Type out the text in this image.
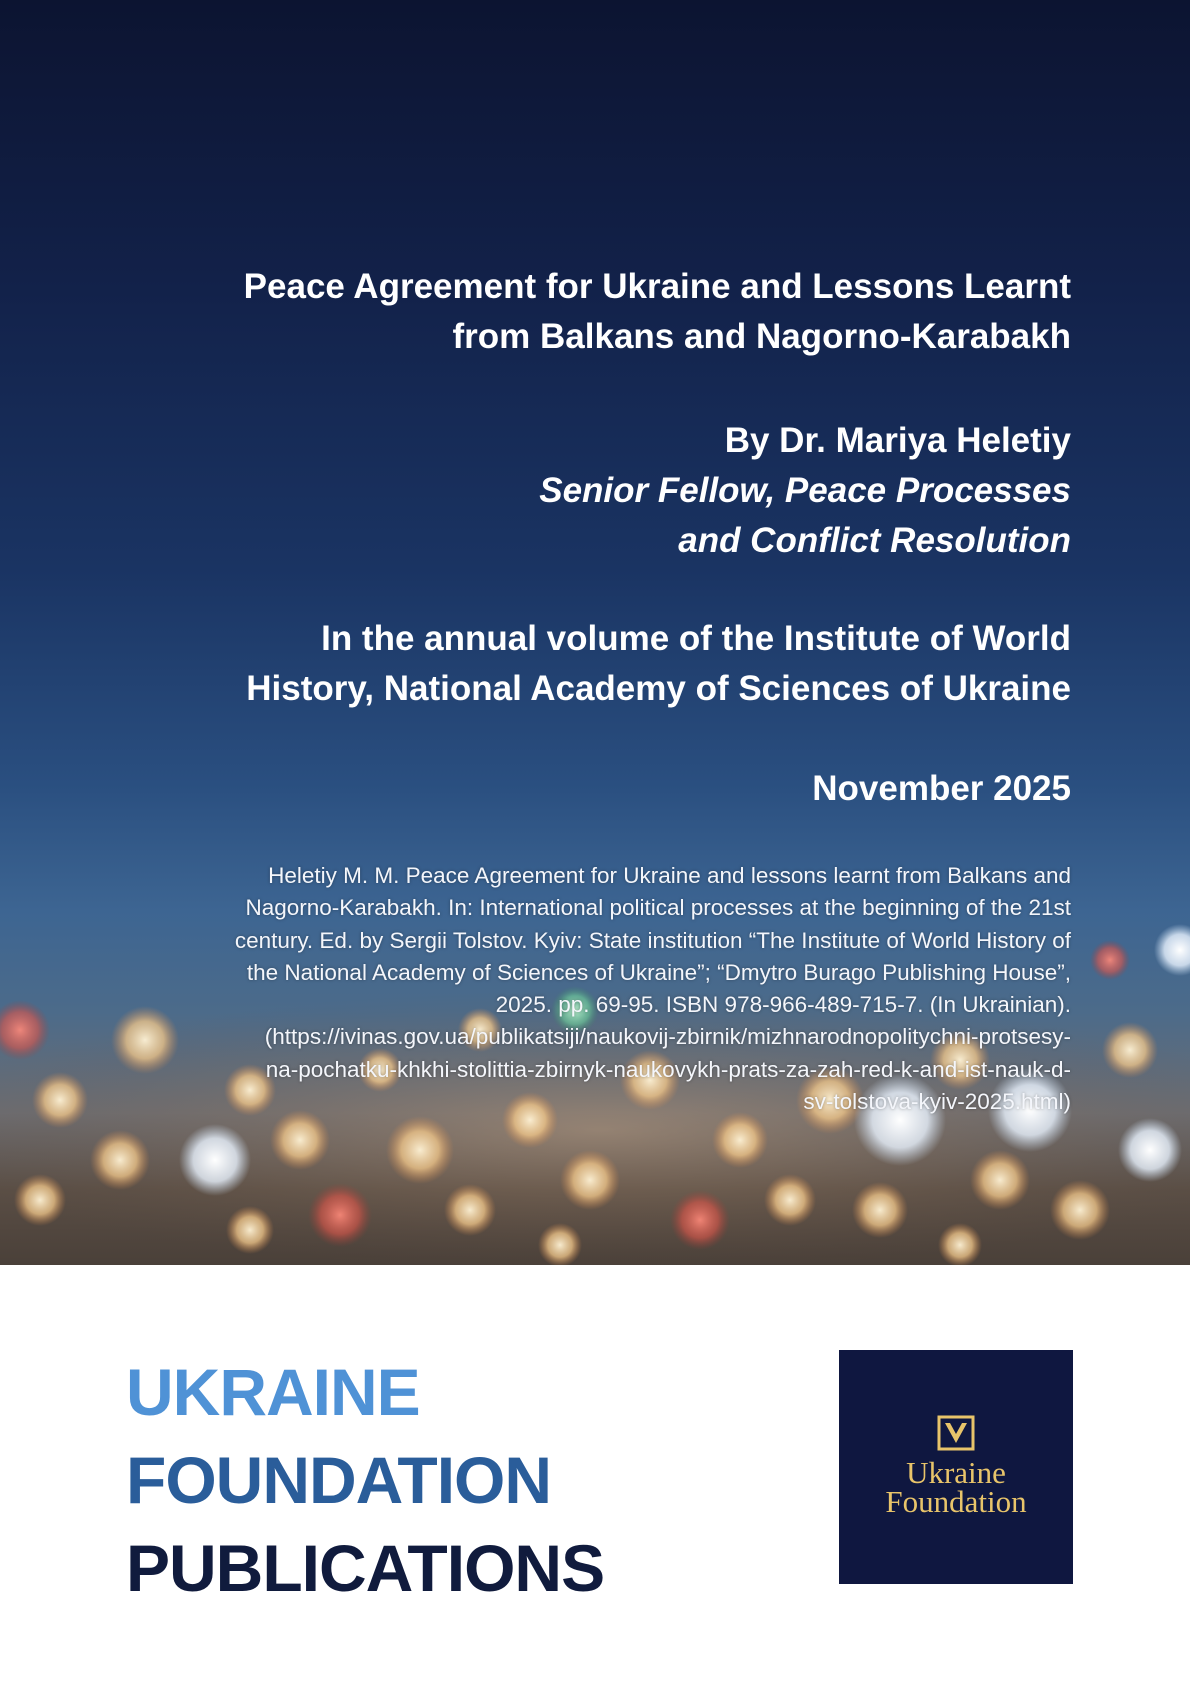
Peace Agreement for Ukraine and Lessons Learnt
from Balkans and Nagorno-Karabakh
By Dr. Mariya Heletiy
Senior Fellow, Peace Processes
and Conflict Resolution
In the annual volume of the Institute of World
History, National Academy of Sciences of Ukraine
November 2025
Heletiy M. M. Peace Agreement for Ukraine and lessons learnt from Balkans and
Nagorno-Karabakh. In: International political processes at the beginning of the 21st
century. Ed. by Sergii Tolstov. Kyiv: State institution “The Institute of World History of
the National Academy of Sciences of Ukraine”; “Dmytro Burago Publishing House”,
2025. pp. 69-95. ISBN 978-966-489-715-7. (In Ukrainian).
(https://ivinas.gov.ua/publikatsiji/naukovij-zbirnik/mizhnarodnopolitychni-protsesy-
na-pochatku-khkhi-stolittia-zbirnyk-naukovykh-prats-za-zah-red-k-and-ist-nauk-d-
sv-tolstova-kyiv-2025.html)
UKRAINE
FOUNDATION
PUBLICATIONS
Ukraine
Foundation
